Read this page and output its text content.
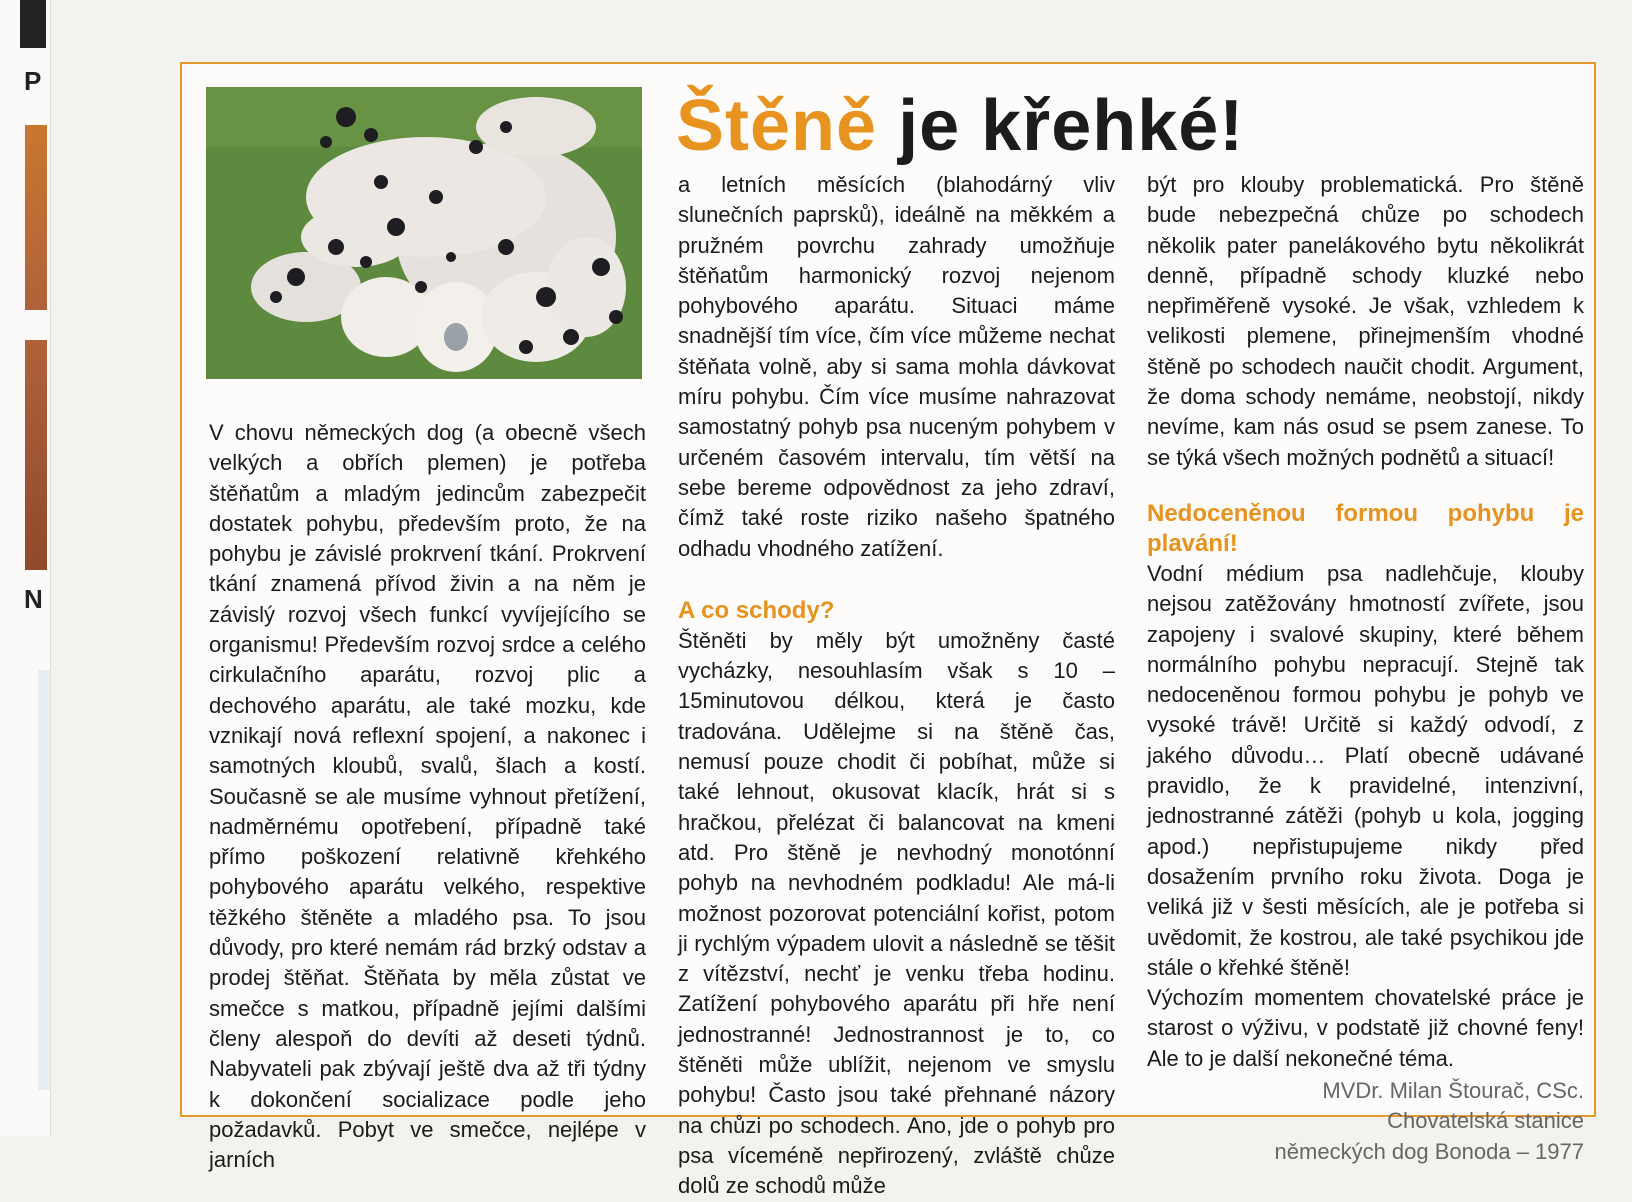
P
N
Štěně je křehké!

V chovu německých dog (a obecně všech velkých a obřích plemen) je potřeba štěňatům a mladým jedincům zabezpečit dostatek pohybu, především proto, že na pohybu je závislé prokrvení tkání. Prokrvení tkání znamená přívod živin a na něm je závislý rozvoj všech funkcí vyvíjejícího se organismu! Především rozvoj srdce a celého cirkulačního aparátu, rozvoj plic a dechového aparátu, ale také mozku, kde vznikají nová reflexní spojení, a nakonec i samotných kloubů, svalů, šlach a kostí. Současně se ale musíme vyhnout přetížení, nadměrnému opotřebení, případně také přímo poškození relativně křehkého pohybového aparátu velkého, respektive těžkého štěněte a mladého psa. To jsou důvody, pro které nemám rád brzký odstav a prodej štěňat. Štěňata by měla zůstat ve smečce s matkou, případně jejími dalšími členy alespoň do devíti až deseti týdnů. Nabyvateli pak zbývají ještě dva až tři týdny k dokončení socializace podle jeho požadavků. Pobyt ve smečce, nejlépe v jarních

a letních měsících (blahodárný vliv slunečních paprsků), ideálně na měkkém a pružném povrchu zahrady umožňuje štěňatům harmonický rozvoj nejenom pohybového aparátu. Situaci máme snadnější tím více, čím více můžeme nechat štěňata volně, aby si sama mohla dávkovat míru pohybu. Čím více musíme nahrazovat samostatný pohyb psa nuceným pohybem v určeném časovém intervalu, tím větší na sebe bereme odpovědnost za jeho zdraví, čímž také roste riziko našeho špatného odhadu vhodného zatížení.

A co schody?

Štěněti by měly být umožněny časté vycházky, nesouhlasím však s 10 – 15minutovou délkou, která je často tradována. Udělejme si na štěně čas, nemusí pouze chodit či pobíhat, může si také lehnout, okusovat klacík, hrát si s hračkou, přelézat či balancovat na kmeni atd. Pro štěně je nevhodný monotónní pohyb na nevhodném podkladu! Ale má-li možnost pozorovat potenciální kořist, potom ji rychlým výpadem ulovit a následně se těšit z vítězství, nechť je venku třeba hodinu. Zatížení pohybového aparátu při hře není jednostranné! Jednostrannost je to, co štěněti může ublížit, nejenom ve smyslu pohybu! Často jsou také přehnané názory na chůzi po schodech. Ano, jde o pohyb pro psa víceméně nepřirozený, zvláště chůze dolů ze schodů může

být pro klouby problematická. Pro štěně bude nebezpečná chůze po schodech několik pater panelákového bytu několikrát denně, případně schody kluzké nebo nepřiměřeně vysoké. Je však, vzhledem k velikosti plemene, přinejmenším vhodné štěně po schodech naučit chodit. Argument, že doma schody nemáme, neobstojí, nikdy nevíme, kam nás osud se psem zanese. To se týká všech možných podnětů a situací!

Nedoceněnou formou pohybu je plavání!

Vodní médium psa nadlehčuje, klouby nejsou zatěžovány hmotností zvířete, jsou zapojeny i svalové skupiny, které během normálního pohybu nepracují. Stejně tak nedoceněnou formou pohybu je pohyb ve vysoké trávě! Určitě si každý odvodí, z jakého důvodu… Platí obecně udávané pravidlo, že k pravidelné, intenzivní, jednostranné zátěži (pohyb u kola, jogging apod.) nepřistupujeme nikdy před dosažením prvního roku života. Doga je veliká již v šesti měsících, ale je potřeba si uvědomit, že kostrou, ale také psychikou jde stále o křehké štěně!

Výchozím momentem chovatelské práce je starost o výživu, v podstatě již chovné feny! Ale to je další nekonečné téma.

MVDr. Milan Štourač, CSc.
Chovatelská stanice
německých dog Bonoda – 1977
